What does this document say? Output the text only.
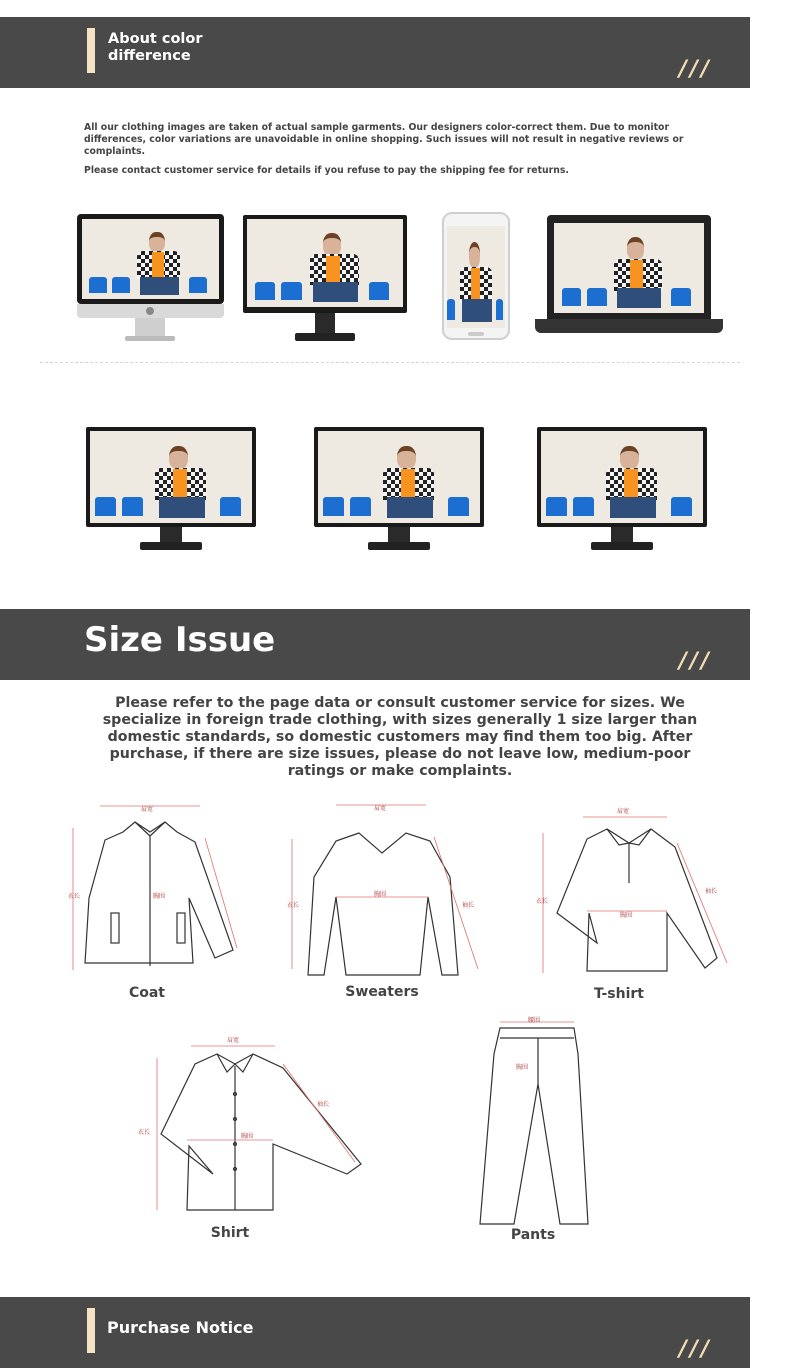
About color
difference
///
All our clothing images are taken of actual sample garments. Our designers color-correct them. Due to monitor differences, color variations are unavoidable in online shopping. Such issues will not result in negative reviews or complaints.
Please contact customer service for details if you refuse to pay the shipping fee for returns.
Size Issue
///
Please refer to the page data or consult customer service for sizes. We specialize in foreign trade clothing, with sizes generally 1 size larger than domestic standards, so domestic customers may find them too big. After purchase, if there are size issues, please do not leave low, medium-poor ratings or make complaints.
肩宽
衣长	胸围
Coat
肩宽
衣长
胸围
袖长
Sweaters
肩宽
衣长
胸围
袖长
T-shirt
肩宽
衣长
胸围
袖长
Shirt
腰围
胸围
Pants
Purchase Notice
///
